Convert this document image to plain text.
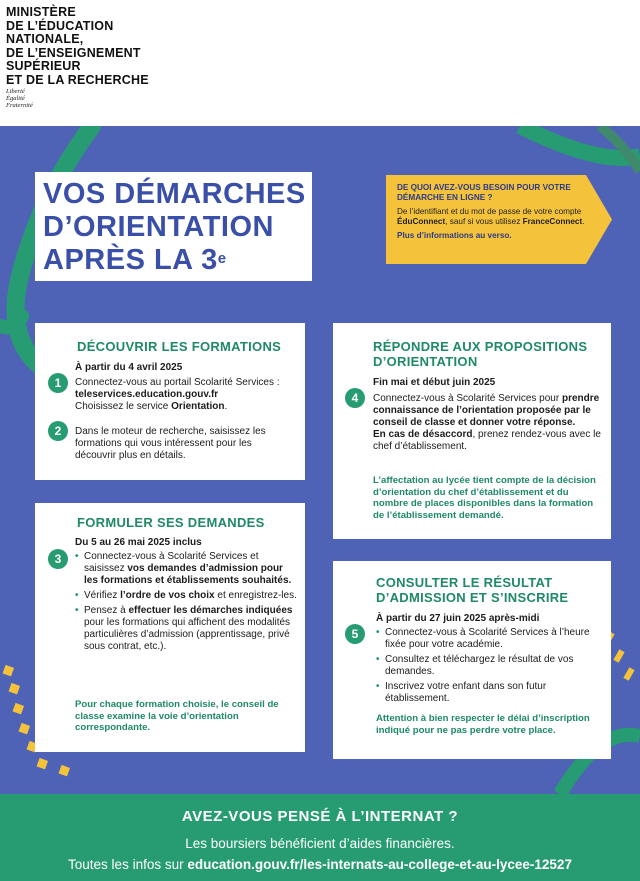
MINISTÈRE
DE L’ÉDUCATION
NATIONALE,
DE L’ENSEIGNEMENT
SUPÉRIEUR
ET DE LA RECHERCHE
Liberté
Égalité
Fraternité
VOS DÉMARCHES
D’ORIENTATION
APRÈS LA 3e
DE QUOI AVEZ-VOUS BESOIN POUR VOTRE DÉMARCHE EN LIGNE ?
De l’identifiant et du mot de passe de votre compte ÉduConnect, sauf si vous utilisez FranceConnect.
Plus d’informations au verso.
DÉCOUVRIR LES FORMATIONS
À partir du 4 avril 2025
1	Connectez-vous au portail Scolarité Services : teleservices.education.gouv.fr
Choisissez le service Orientation.
2	Dans le moteur de recherche, saisissez les formations qui vous intéressent pour les découvrir plus en détails.
FORMULER SES DEMANDES
Du 5 au 26 mai 2025 inclus
3	• Connectez-vous à Scolarité Services et saisissez vos demandes d’admission pour les formations et établissements souhaités.
• Vérifiez l’ordre de vos choix et enregistrez-les.
• Pensez à effectuer les démarches indiquées pour les formations qui affichent des modalités particulières d’admission (apprentissage, privé sous contrat, etc.).
Pour chaque formation choisie, le conseil de classe examine la voie d’orientation correspondante.
RÉPONDRE AUX PROPOSITIONS
D’ORIENTATION
Fin mai et début juin 2025
4	Connectez-vous à Scolarité Services pour prendre connaissance de l’orientation proposée par le conseil de classe et donner votre réponse.
En cas de désaccord, prenez rendez-vous avec le chef d’établissement.
L’affectation au lycée tient compte de la décision d’orientation du chef d’établissement et du nombre de places disponibles dans la formation de l’établissement demandé.
CONSULTER LE RÉSULTAT
D’ADMISSION ET S’INSCRIRE
À partir du 27 juin 2025 après-midi
5	• Connectez-vous à Scolarité Services à l’heure fixée pour votre académie.
• Consultez et téléchargez le résultat de vos demandes.
• Inscrivez votre enfant dans son futur établissement.
Attention à bien respecter le délai d’inscription indiqué pour ne pas perdre votre place.
AVEZ-VOUS PENSÉ À L’INTERNAT ?
Les boursiers bénéficient d’aides financières.
Toutes les infos sur education.gouv.fr/les-internats-au-college-et-au-lycee-12527
